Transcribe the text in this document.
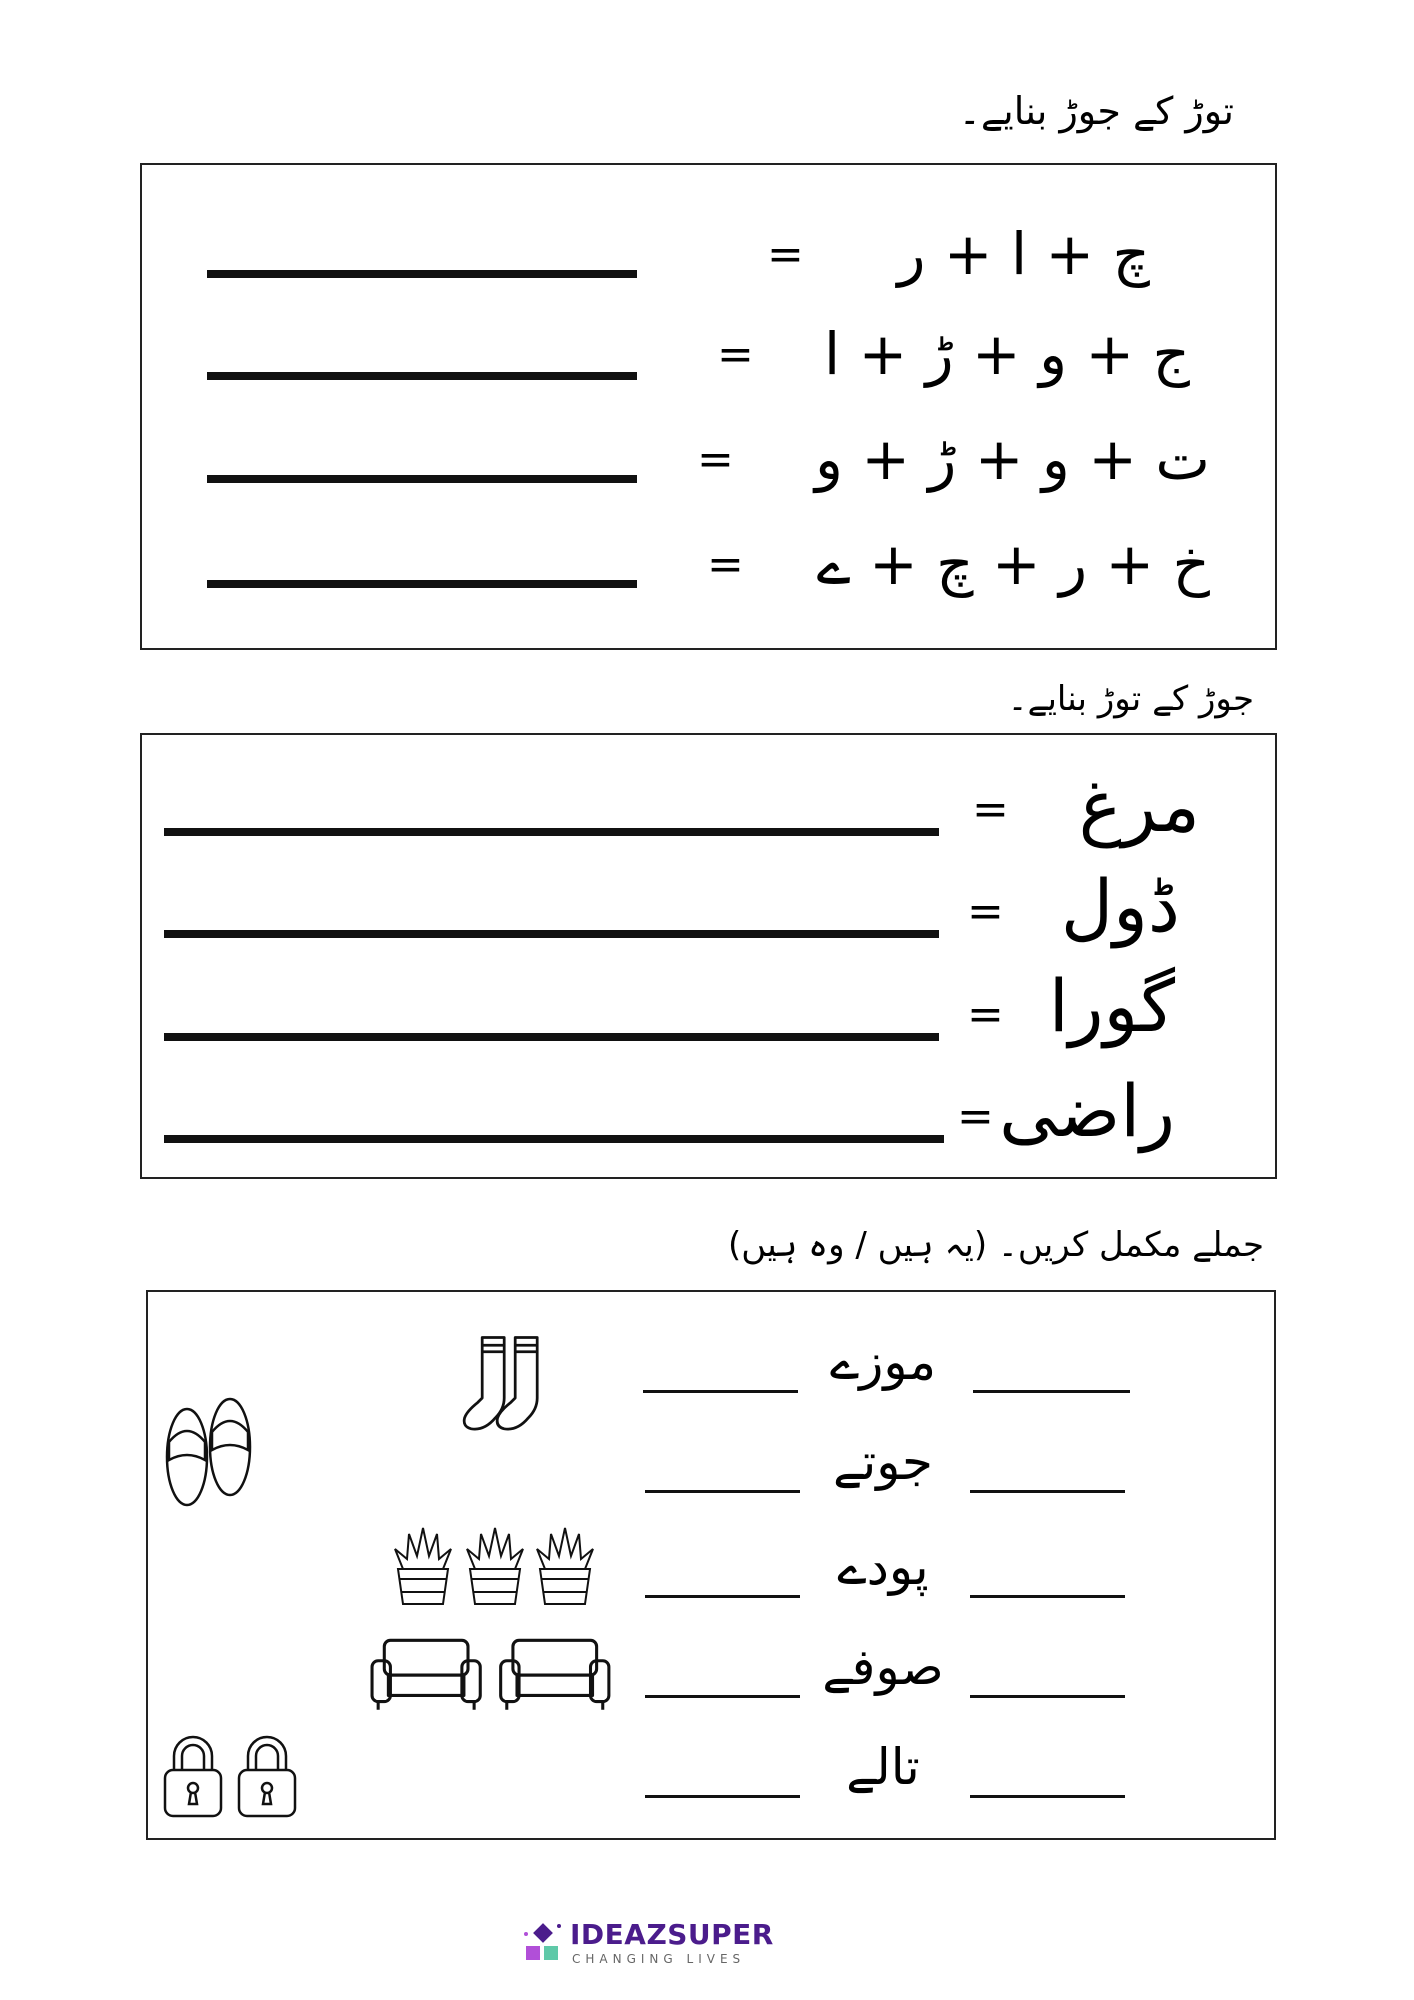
توڑ کے جوڑ بنایے۔
= چ + ا + ر
= ج + و + ڑ + ا
= ت + و + ڑ + و
= خ + ر + چ + ے
جوڑ کے توڑ بنایے۔
= مرغ
= ڈول
= گورا
= راضی
جملے مکمل کریں۔ (یہ ہیں / وہ ہیں)
موزے
جوتے
پودے
صوفے
تالے
IDEAZSUPER
CHANGING LIVES
